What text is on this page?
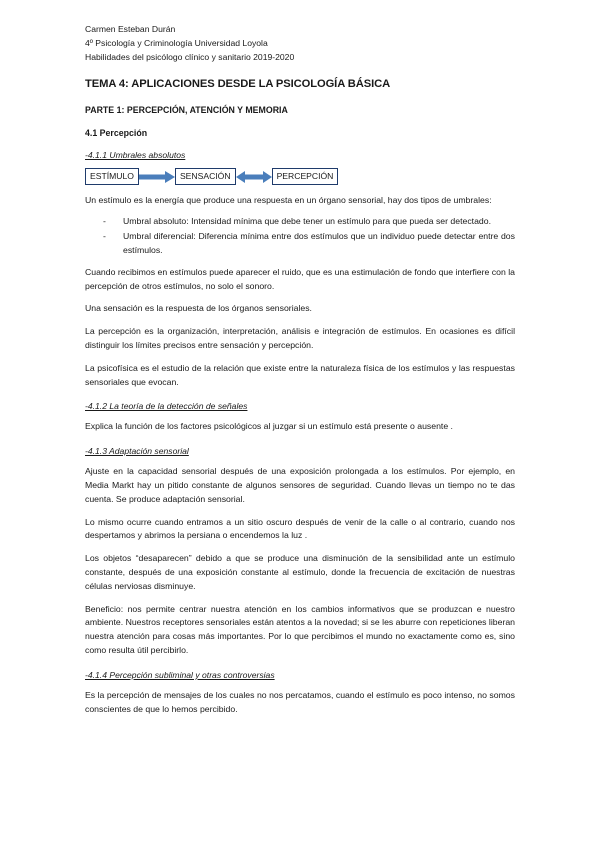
Carmen Esteban Durán

4º Psicología y Criminología Universidad Loyola

Habilidades del psicólogo clínico y sanitario 2019-2020

TEMA 4: APLICACIONES DESDE LA PSICOLOGÍA BÁSICA
PARTE 1: PERCEPCIÓN, ATENCIÓN Y MEMORIA
4.1 Percepción
-4.1.1 Umbrales absolutos
ESTÍMULO	SENSACIÓN	PERCEPCIÓN

Un estímulo es la energía que produce una respuesta en un órgano sensorial, hay dos tipos de umbrales:

- Umbral absoluto: Intensidad mínima que debe tener un estímulo para que pueda ser detectado.
- Umbral diferencial: Diferencia mínima entre dos estímulos que un individuo puede detectar entre dos estímulos.

Cuando recibimos en estímulos puede aparecer el ruido, que es una estimulación de fondo que interfiere con la percepción de otros estímulos, no solo el sonoro.

Una sensación es la respuesta de los órganos sensoriales.

La percepción es la organización, interpretación, análisis e integración de estímulos. En ocasiones es difícil distinguir los límites precisos entre sensación y percepción.

La psicofísica es el estudio de la relación que existe entre la naturaleza física de los estímulos y las respuestas sensoriales que evocan.

-4.1.2 La teoría de la detección de señales

Explica la función de los factores psicológicos al juzgar si un estímulo está presente o ausente .

-4.1.3 Adaptación sensorial

Ajuste en la capacidad sensorial después de una exposición prolongada a los estímulos. Por ejemplo, en Media Markt hay un pitido constante de algunos sensores de seguridad. Cuando llevas un tiempo no te das cuenta. Se produce adaptación sensorial.

Lo mismo ocurre cuando entramos a un sitio oscuro después de venir de la calle o al contrario, cuando nos despertamos y abrimos la persiana o encendemos la luz .

Los objetos “desaparecen” debido a que se produce una disminución de la sensibilidad ante un estímulo constante, después de una exposición constante al estímulo, donde la frecuencia de excitación de nuestras células nerviosas disminuye.

Beneficio: nos permite centrar nuestra atención en los cambios informativos que se produzcan e nuestro ambiente. Nuestros receptores sensoriales están atentos a la novedad; si se les aburre con repeticiones liberan nuestra atención para cosas más importantes. Por lo que percibimos el mundo no exactamente como es, sino como resulta útil percibirlo.

-4.1.4 Percepción subliminal y otras controversias

Es la percepción de mensajes de los cuales no nos percatamos, cuando el estímulo es poco intenso, no somos conscientes de que lo hemos percibido.
